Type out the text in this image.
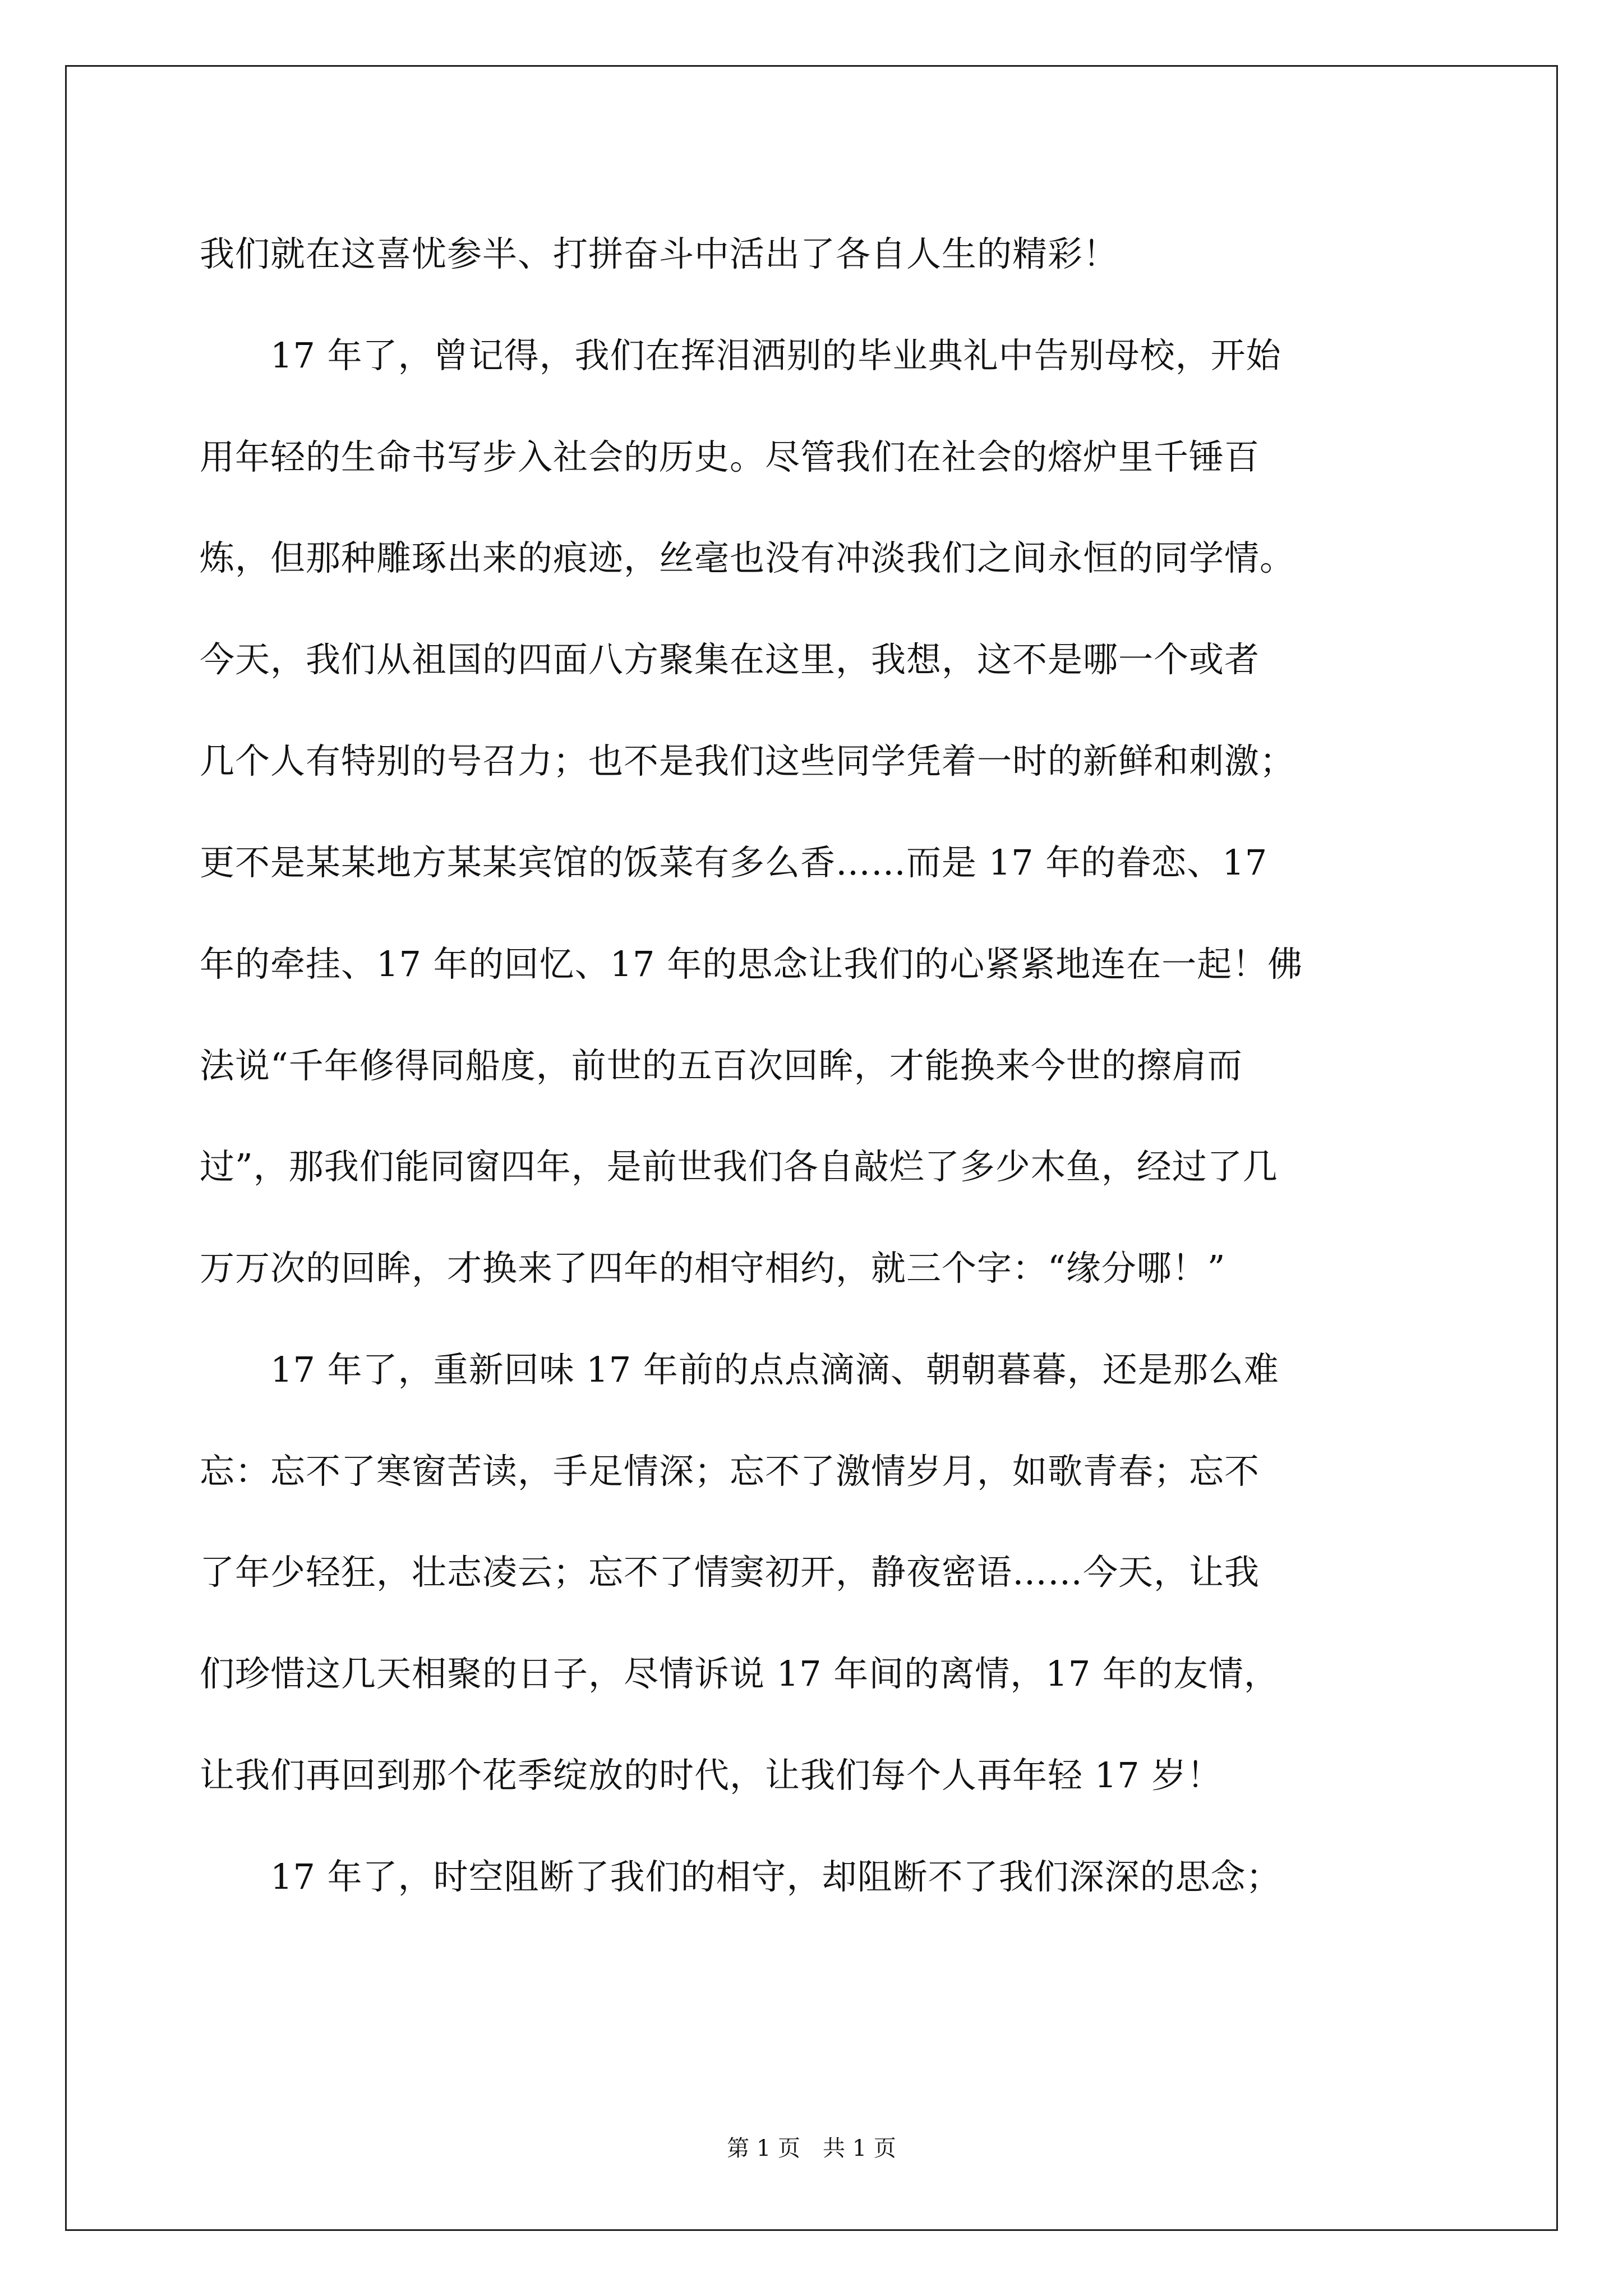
我们就在这喜忧参半、打拼奋斗中活出了各自人生的精彩！
　　17 年了，曾记得，我们在挥泪洒别的毕业典礼中告别母校，开始
用年轻的生命书写步入社会的历史。尽管我们在社会的熔炉里千锤百
炼，但那种雕琢出来的痕迹，丝毫也没有冲淡我们之间永恒的同学情。
今天，我们从祖国的四面八方聚集在这里，我想，这不是哪一个或者
几个人有特别的号召力；也不是我们这些同学凭着一时的新鲜和刺激；
更不是某某地方某某宾馆的饭菜有多么香……而是 17 年的眷恋、17
年的牵挂、17 年的回忆、17 年的思念让我们的心紧紧地连在一起！佛
法说“千年修得同船度，前世的五百次回眸，才能换来今世的擦肩而
过”，那我们能同窗四年，是前世我们各自敲烂了多少木鱼，经过了几
万万次的回眸，才换来了四年的相守相约，就三个字：“缘分哪！”
　　17 年了，重新回味 17 年前的点点滴滴、朝朝暮暮，还是那么难
忘：忘不了寒窗苦读，手足情深；忘不了激情岁月，如歌青春；忘不
了年少轻狂，壮志凌云；忘不了情窦初开，静夜密语……今天，让我
们珍惜这几天相聚的日子，尽情诉说 17 年间的离情，17 年的友情，
让我们再回到那个花季绽放的时代，让我们每个人再年轻 17 岁！
　　17 年了，时空阻断了我们的相守，却阻断不了我们深深的思念；
第 1 页　共 1 页
